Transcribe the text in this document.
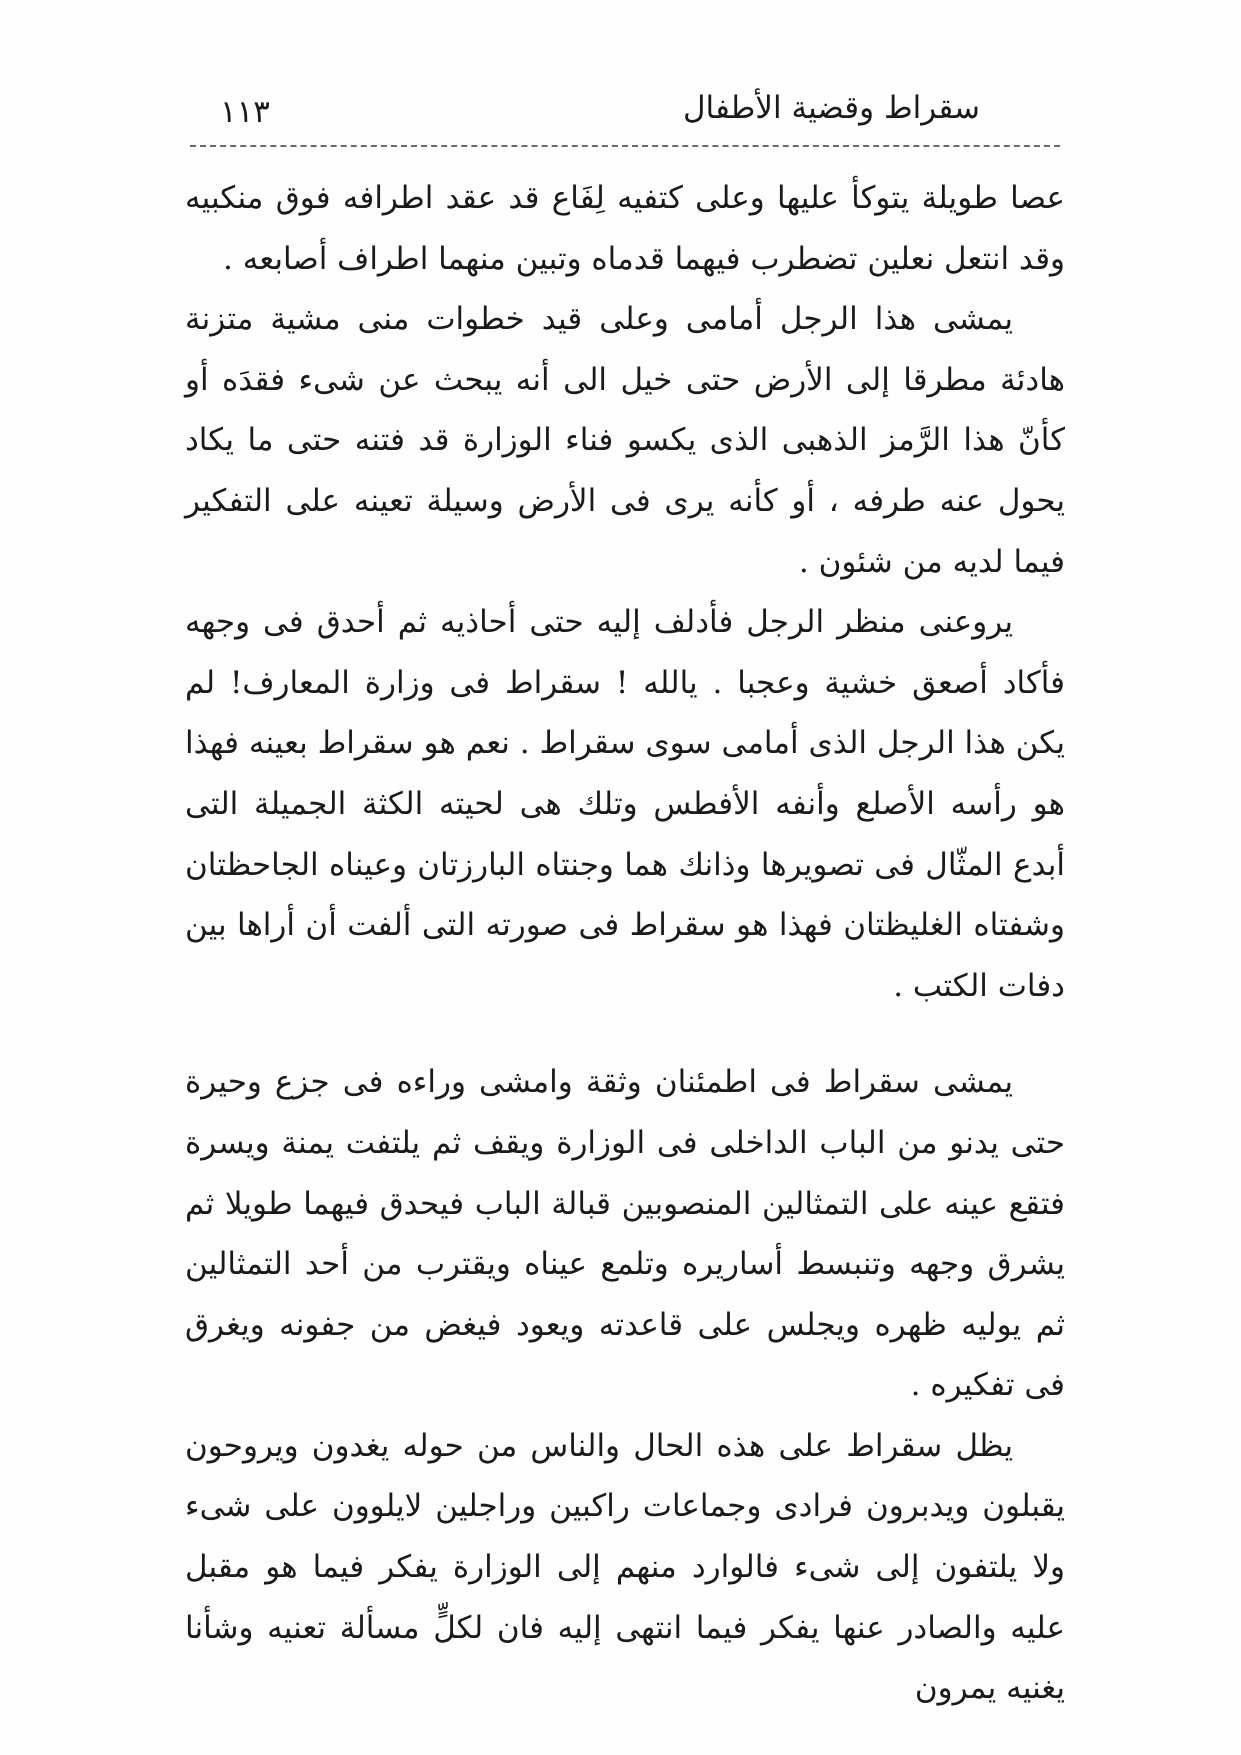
سقراط وقضية الأطفال
١١٣

عصا طويلة يتوكأ عليها وعلى كتفيه لِفَاع قد عقد اطرافه فوق منكبيه وقد انتعل نعلين تضطرب فيهما قدماه وتبين منهما اطراف أصابعه .

يمشى هذا الرجل أمامى وعلى قيد خطوات منى مشية متزنة هادئة مطرقا إلى الأرض حتى خيل الى أنه يبحث عن شىء فقدَه أو كأنّ هذا الرَّمز الذهبى الذى يكسو فناء الوزارة قد فتنه حتى ما يكاد يحول عنه طرفه ، أو كأنه يرى فى الأرض وسيلة تعينه على التفكير فيما لديه من شئون .

يروعنى منظر الرجل فأدلف إليه حتى أحاذيه ثم أحدق فى وجهه فأكاد أصعق خشية وعجبا . يالله ! سقراط فى وزارة المعارف! لم يكن هذا الرجل الذى أمامى سوى سقراط . نعم هو سقراط بعينه فهذا هو رأسه الأصلع وأنفه الأفطس وتلك هى لحيته الكثة الجميلة التى أبدع المثّال فى تصويرها وذانك هما وجنتاه البارزتان وعيناه الجاحظتان وشفتاه الغليظتان فهذا هو سقراط فى صورته التى ألفت أن أراها بين دفات الكتب .

يمشى سقراط فى اطمئنان وثقة وامشى وراءه فى جزع وحيرة حتى يدنو من الباب الداخلى فى الوزارة ويقف ثم يلتفت يمنة ويسرة فتقع عينه على التمثالين المنصوبين قبالة الباب فيحدق فيهما طويلا ثم يشرق وجهه وتنبسط أساريره وتلمع عيناه ويقترب من أحد التمثالين ثم يوليه ظهره ويجلس على قاعدته ويعود فيغض من جفونه ويغرق فى تفكيره .

يظل سقراط على هذه الحال والناس من حوله يغدون ويروحون يقبلون ويدبرون فرادى وجماعات راكبين وراجلين لايلوون على شىء ولا يلتفون إلى شىء فالوارد منهم إلى الوزارة يفكر فيما هو مقبل عليه والصادر عنها يفكر فيما انتهى إليه فان لكلٍّ مسألة تعنيه وشأنا يغنيه يمرون
